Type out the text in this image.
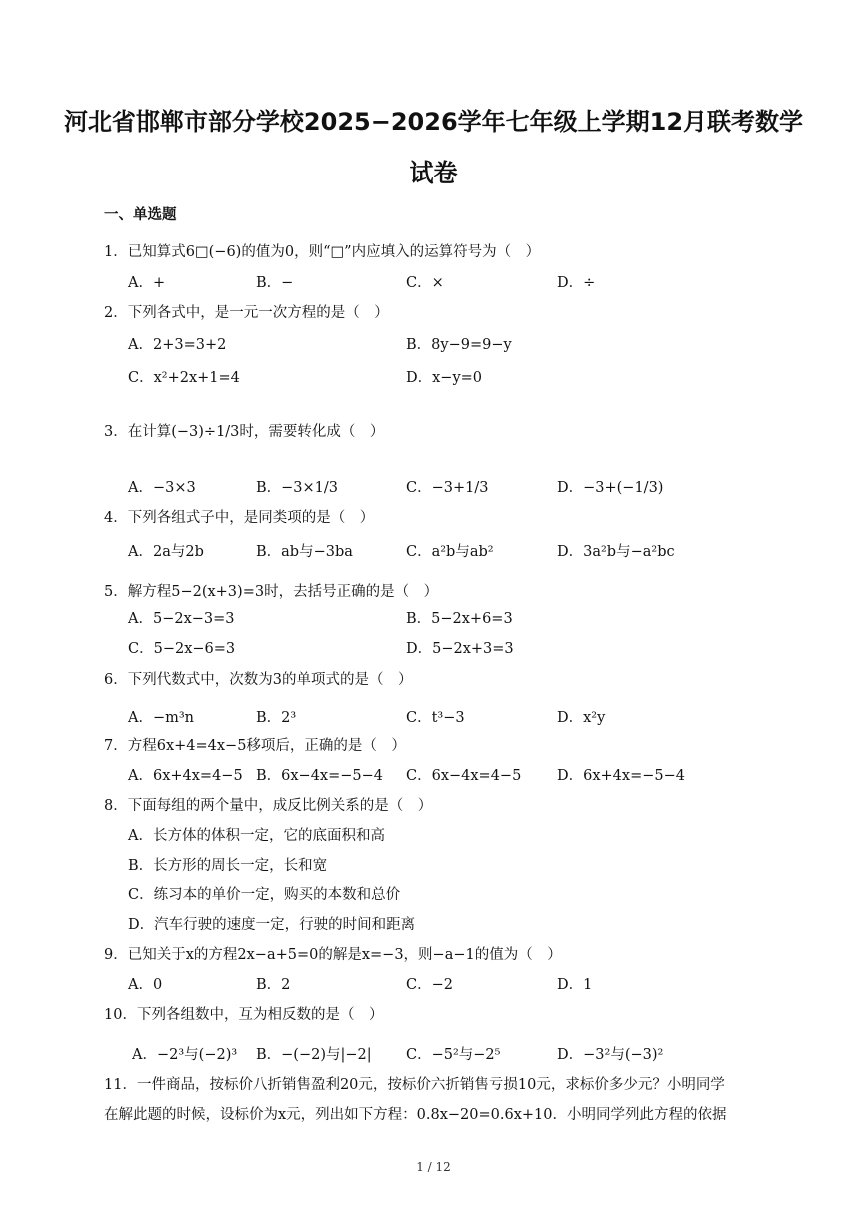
河北省邯郸市部分学校2025−2026学年七年级上学期12月联考数学
试卷
一、单选题
1．已知算式6□(−6)的值为0，则“□”内应填入的运算符号为（　）
A．+	B．−	C．×	D．÷
2．下列各式中，是一元一次方程的是（　）
A．2+3=3+2	B．8y−9=9−y
C．x²+2x+1=4	D．x−y=0
3．在计算(−3)÷1/3时，需要转化成（　）
A．−3×3	B．−3×1/3	C．−3+1/3	D．−3+(−1/3)
4．下列各组式子中，是同类项的是（　）
A．2a与2b	B．ab与−3ba	C．a²b与ab²	D．3a²b与−a²bc
5．解方程5−2(x+3)=3时，去括号正确的是（　）
A．5−2x−3=3	B．5−2x+6=3
C．5−2x−6=3	D．5−2x+3=3
6．下列代数式中，次数为3的单项式的是（　）
A．−m³n	B．2³	C．t³−3	D．x²y
7．方程6x+4=4x−5移项后，正确的是（　）
A．6x+4x=4−5 B．6x−4x=−5−4 C．6x−4x=4−5 D．6x+4x=−5−4
8．下面每组的两个量中，成反比例关系的是（　）
A．长方体的体积一定，它的底面积和高
B．长方形的周长一定，长和宽
C．练习本的单价一定，购买的本数和总价
D．汽车行驶的速度一定，行驶的时间和距离
9．已知关于x的方程2x−a+5=0的解是x=−3，则−a−1的值为（　）
A．0	B．2	C．−2	D．1
10．下列各组数中，互为相反数的是（　）
A．−2³与(−2)³ B．−(−2)与|−2| C．−5²与−2⁵	D．−3²与(−3)²
11．一件商品，按标价八折销售盈利20元，按标价六折销售亏损10元，求标价多少元？小明同学
在解此题的时候，设标价为x元，列出如下方程：0.8x−20=0.6x+10．小明同学列此方程的依据
1 / 12
